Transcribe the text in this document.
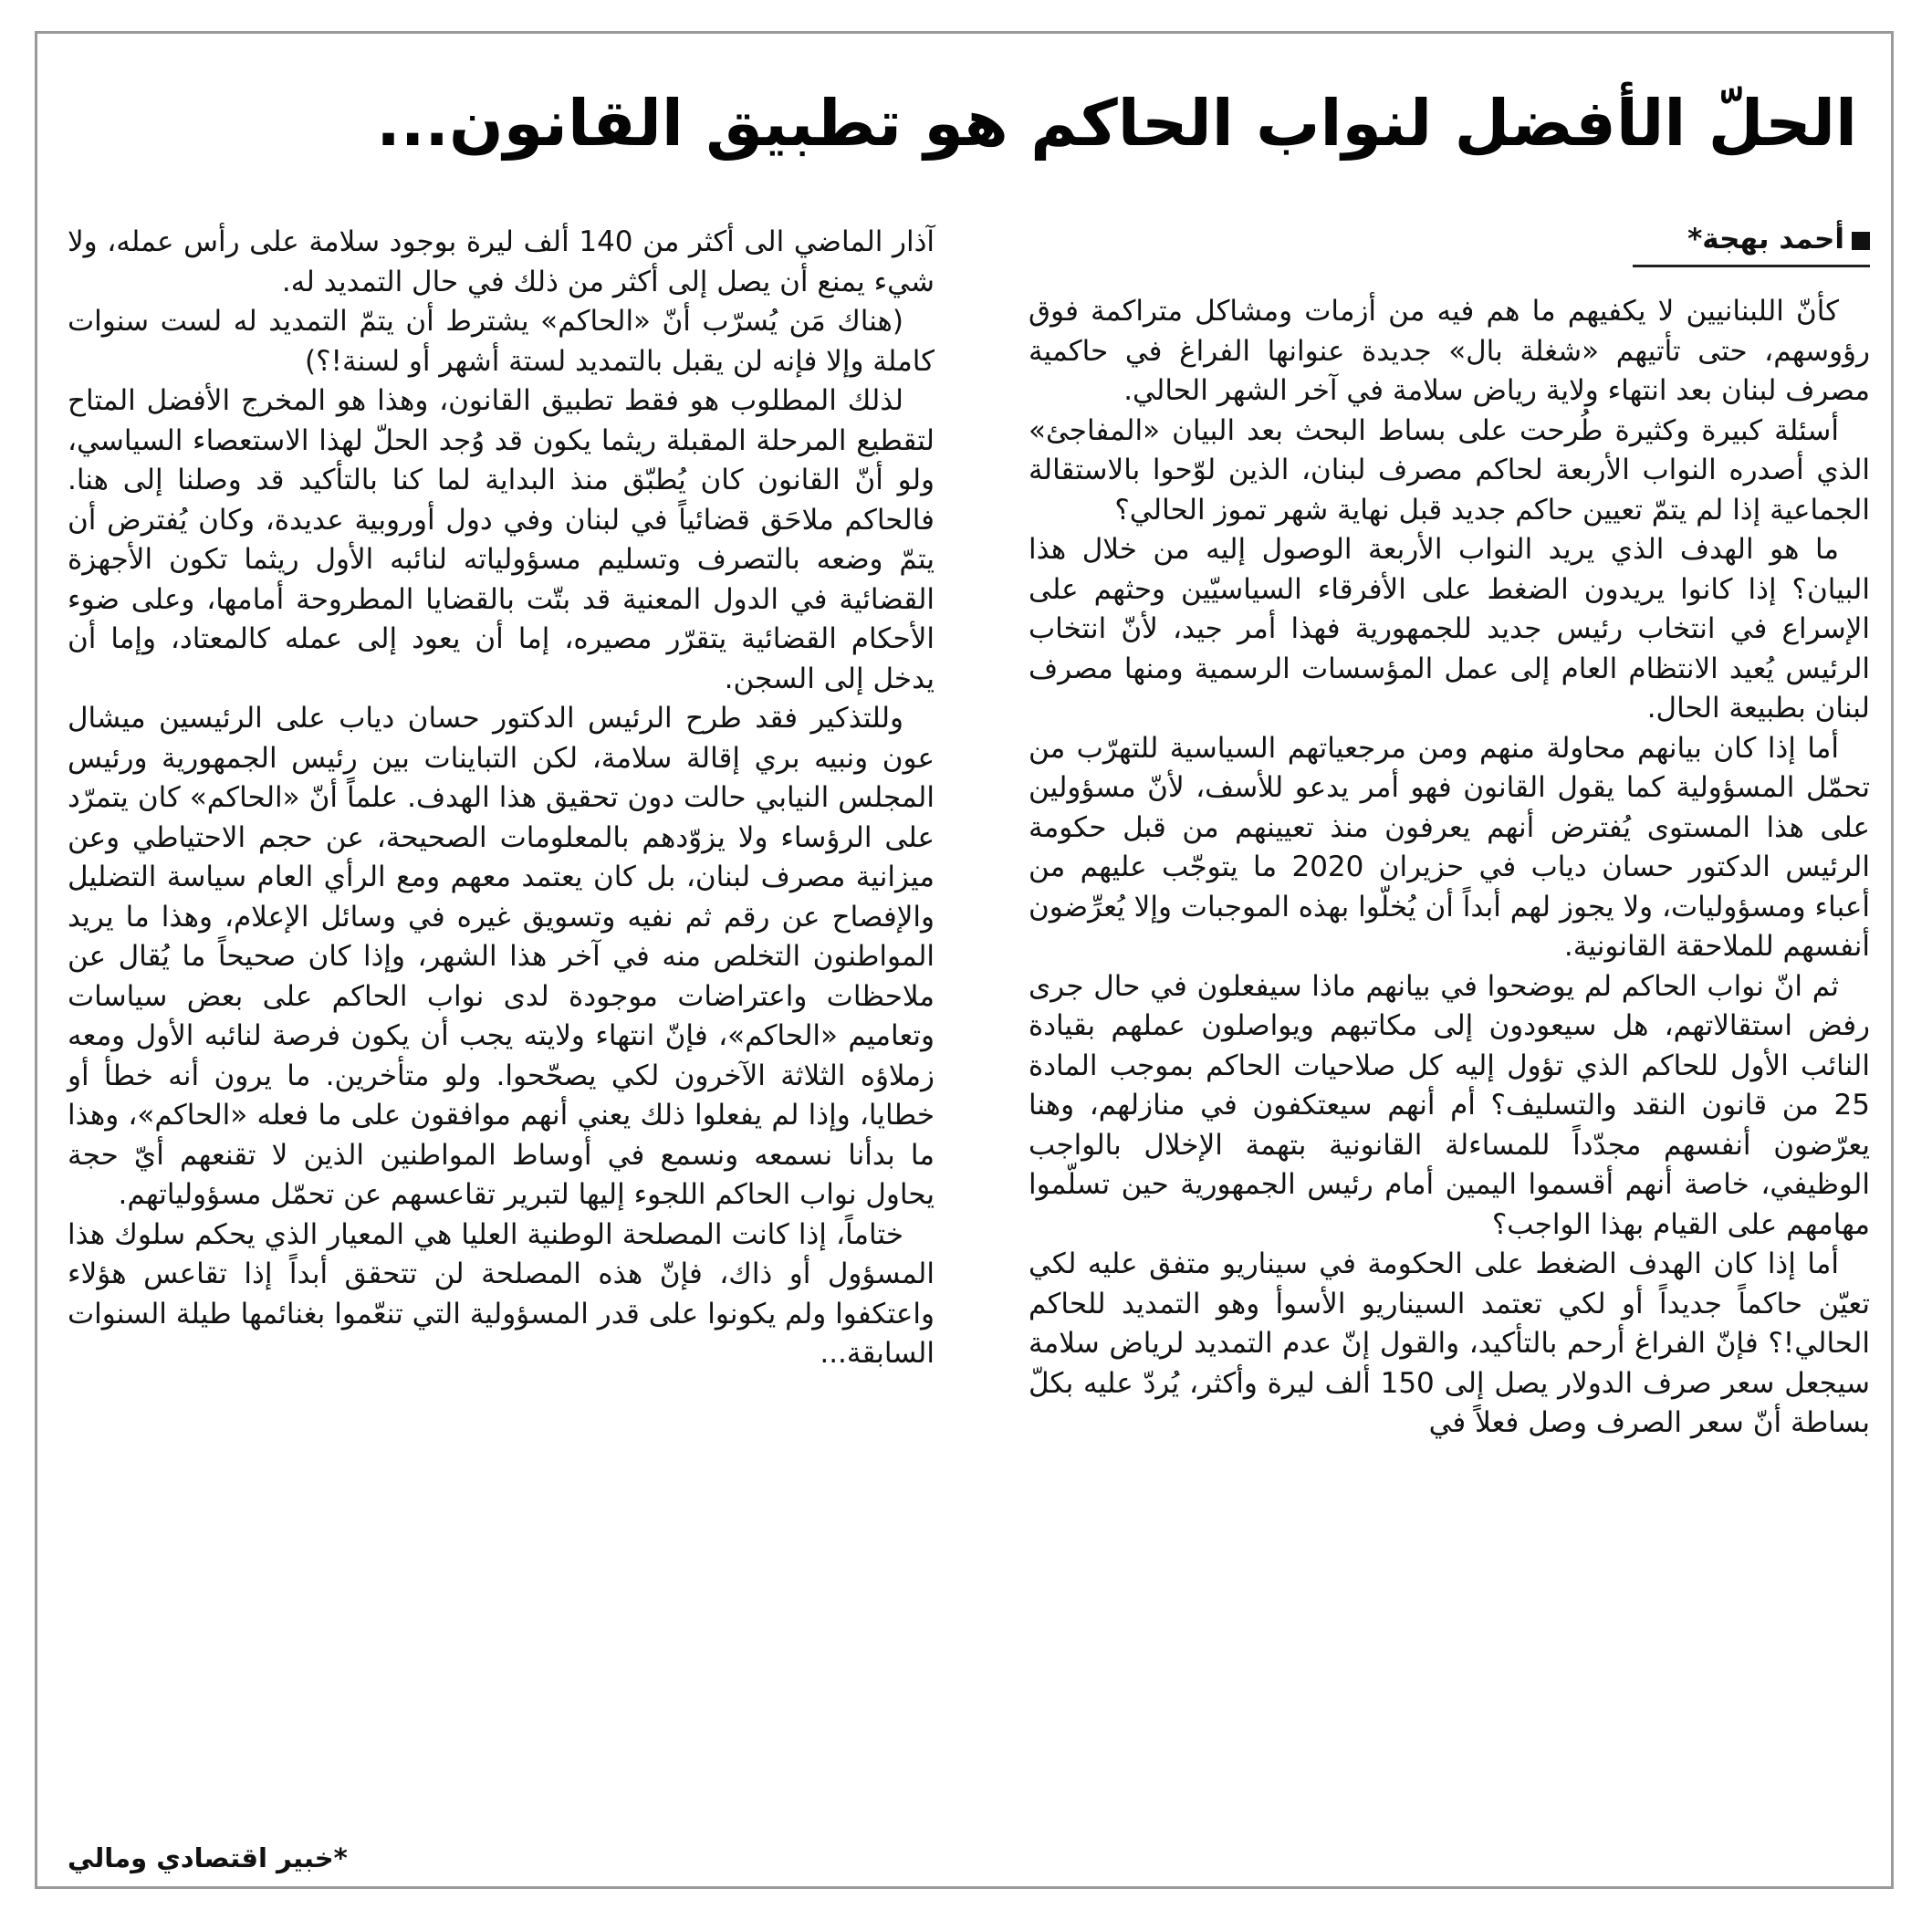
الحلّ الأفضل لنواب الحاكم هو تطبيق القانون...
أحمد بهجة*

كأنّ اللبنانيين لا يكفيهم ما هم فيه من أزمات ومشاكل متراكمة فوق رؤوسهم، حتى تأتيهم «شغلة بال» جديدة عنوانها الفراغ في حاكمية مصرف لبنان بعد انتهاء ولاية رياض سلامة في آخر الشهر الحالي.

أسئلة كبيرة وكثيرة طُرحت على بساط البحث بعد البيان «المفاجئ» الذي أصدره النواب الأربعة لحاكم مصرف لبنان، الذين لوّحوا بالاستقالة الجماعية إذا لم يتمّ تعيين حاكم جديد قبل نهاية شهر تموز الحالي؟

ما هو الهدف الذي يريد النواب الأربعة الوصول إليه من خلال هذا البيان؟ إذا كانوا يريدون الضغط على الأفرقاء السياسيّين وحثهم على الإسراع في انتخاب رئيس جديد للجمهورية فهذا أمر جيد، لأنّ انتخاب الرئيس يُعيد الانتظام العام إلى عمل المؤسسات الرسمية ومنها مصرف لبنان بطبيعة الحال.

أما إذا كان بيانهم محاولة منهم ومن مرجعياتهم السياسية للتهرّب من تحمّل المسؤولية كما يقول القانون فهو أمر يدعو للأسف، لأنّ مسؤولين على هذا المستوى يُفترض أنهم يعرفون منذ تعيينهم من قبل حكومة الرئيس الدكتور حسان دياب في حزيران 2020 ما يتوجّب عليهم من أعباء ومسؤوليات، ولا يجوز لهم أبداً أن يُخلّوا بهذه الموجبات وإلا يُعرِّضون أنفسهم للملاحقة القانونية.

ثم انّ نواب الحاكم لم يوضحوا في بيانهم ماذا سيفعلون في حال جرى رفض استقالاتهم، هل سيعودون إلى مكاتبهم ويواصلون عملهم بقيادة النائب الأول للحاكم الذي تؤول إليه كل صلاحيات الحاكم بموجب المادة 25 من قانون النقد والتسليف؟ أم أنهم سيعتكفون في منازلهم، وهنا يعرّضون أنفسهم مجدّداً للمساءلة القانونية بتهمة الإخلال بالواجب الوظيفي، خاصة أنهم أقسموا اليمين أمام رئيس الجمهورية حين تسلّموا مهامهم على القيام بهذا الواجب؟

أما إذا كان الهدف الضغط على الحكومة في سيناريو متفق عليه لكي تعيّن حاكماً جديداً أو لكي تعتمد السيناريو الأسوأ وهو التمديد للحاكم الحالي!؟ فإنّ الفراغ أرحم بالتأكيد، والقول إنّ عدم التمديد لرياض سلامة سيجعل سعر صرف الدولار يصل إلى 150 ألف ليرة وأكثر، يُردّ عليه بكلّ بساطة أنّ سعر الصرف وصل فعلاً في

آذار الماضي الى أكثر من 140 ألف ليرة بوجود سلامة على رأس عمله، ولا شيء يمنع أن يصل إلى أكثر من ذلك في حال التمديد له.

(هناك مَن يُسرّب أنّ «الحاكم» يشترط أن يتمّ التمديد له لست سنوات كاملة وإلا فإنه لن يقبل بالتمديد لستة أشهر أو لسنة!؟)

لذلك المطلوب هو فقط تطبيق القانون، وهذا هو المخرج الأفضل المتاح لتقطيع المرحلة المقبلة ريثما يكون قد وُجد الحلّ لهذا الاستعصاء السياسي، ولو أنّ القانون كان يُطبّق منذ البداية لما كنا بالتأكيد قد وصلنا إلى هنا. فالحاكم ملاحَق قضائياً في لبنان وفي دول أوروبية عديدة، وكان يُفترض أن يتمّ وضعه بالتصرف وتسليم مسؤولياته لنائبه الأول ريثما تكون الأجهزة القضائية في الدول المعنية قد بتّت بالقضايا المطروحة أمامها، وعلى ضوء الأحكام القضائية يتقرّر مصيره، إما أن يعود إلى عمله كالمعتاد، وإما أن يدخل إلى السجن.

وللتذكير فقد طرح الرئيس الدكتور حسان دياب على الرئيسين ميشال عون ونبيه بري إقالة سلامة، لكن التباينات بين رئيس الجمهورية ورئيس المجلس النيابي حالت دون تحقيق هذا الهدف. علماً أنّ «الحاكم» كان يتمرّد على الرؤساء ولا يزوّدهم بالمعلومات الصحيحة، عن حجم الاحتياطي وعن ميزانية مصرف لبنان، بل كان يعتمد معهم ومع الرأي العام سياسة التضليل والإفصاح عن رقم ثم نفيه وتسويق غيره في وسائل الإعلام، وهذا ما يريد المواطنون التخلص منه في آخر هذا الشهر، وإذا كان صحيحاً ما يُقال عن ملاحظات واعتراضات موجودة لدى نواب الحاكم على بعض سياسات وتعاميم «الحاكم»، فإنّ انتهاء ولايته يجب أن يكون فرصة لنائبه الأول ومعه زملاؤه الثلاثة الآخرون لكي يصحّحوا. ولو متأخرين. ما يرون أنه خطأ أو خطايا، وإذا لم يفعلوا ذلك يعني أنهم موافقون على ما فعله «الحاكم»، وهذا ما بدأنا نسمعه ونسمع في أوساط المواطنين الذين لا تقنعهم أيّ حجة يحاول نواب الحاكم اللجوء إليها لتبرير تقاعسهم عن تحمّل مسؤولياتهم.

ختاماً، إذا كانت المصلحة الوطنية العليا هي المعيار الذي يحكم سلوك هذا المسؤول أو ذاك، فإنّ هذه المصلحة لن تتحقق أبداً إذا تقاعس هؤلاء واعتكفوا ولم يكونوا على قدر المسؤولية التي تنعّموا بغنائمها طيلة السنوات السابقة...

*خبير اقتصادي ومالي
